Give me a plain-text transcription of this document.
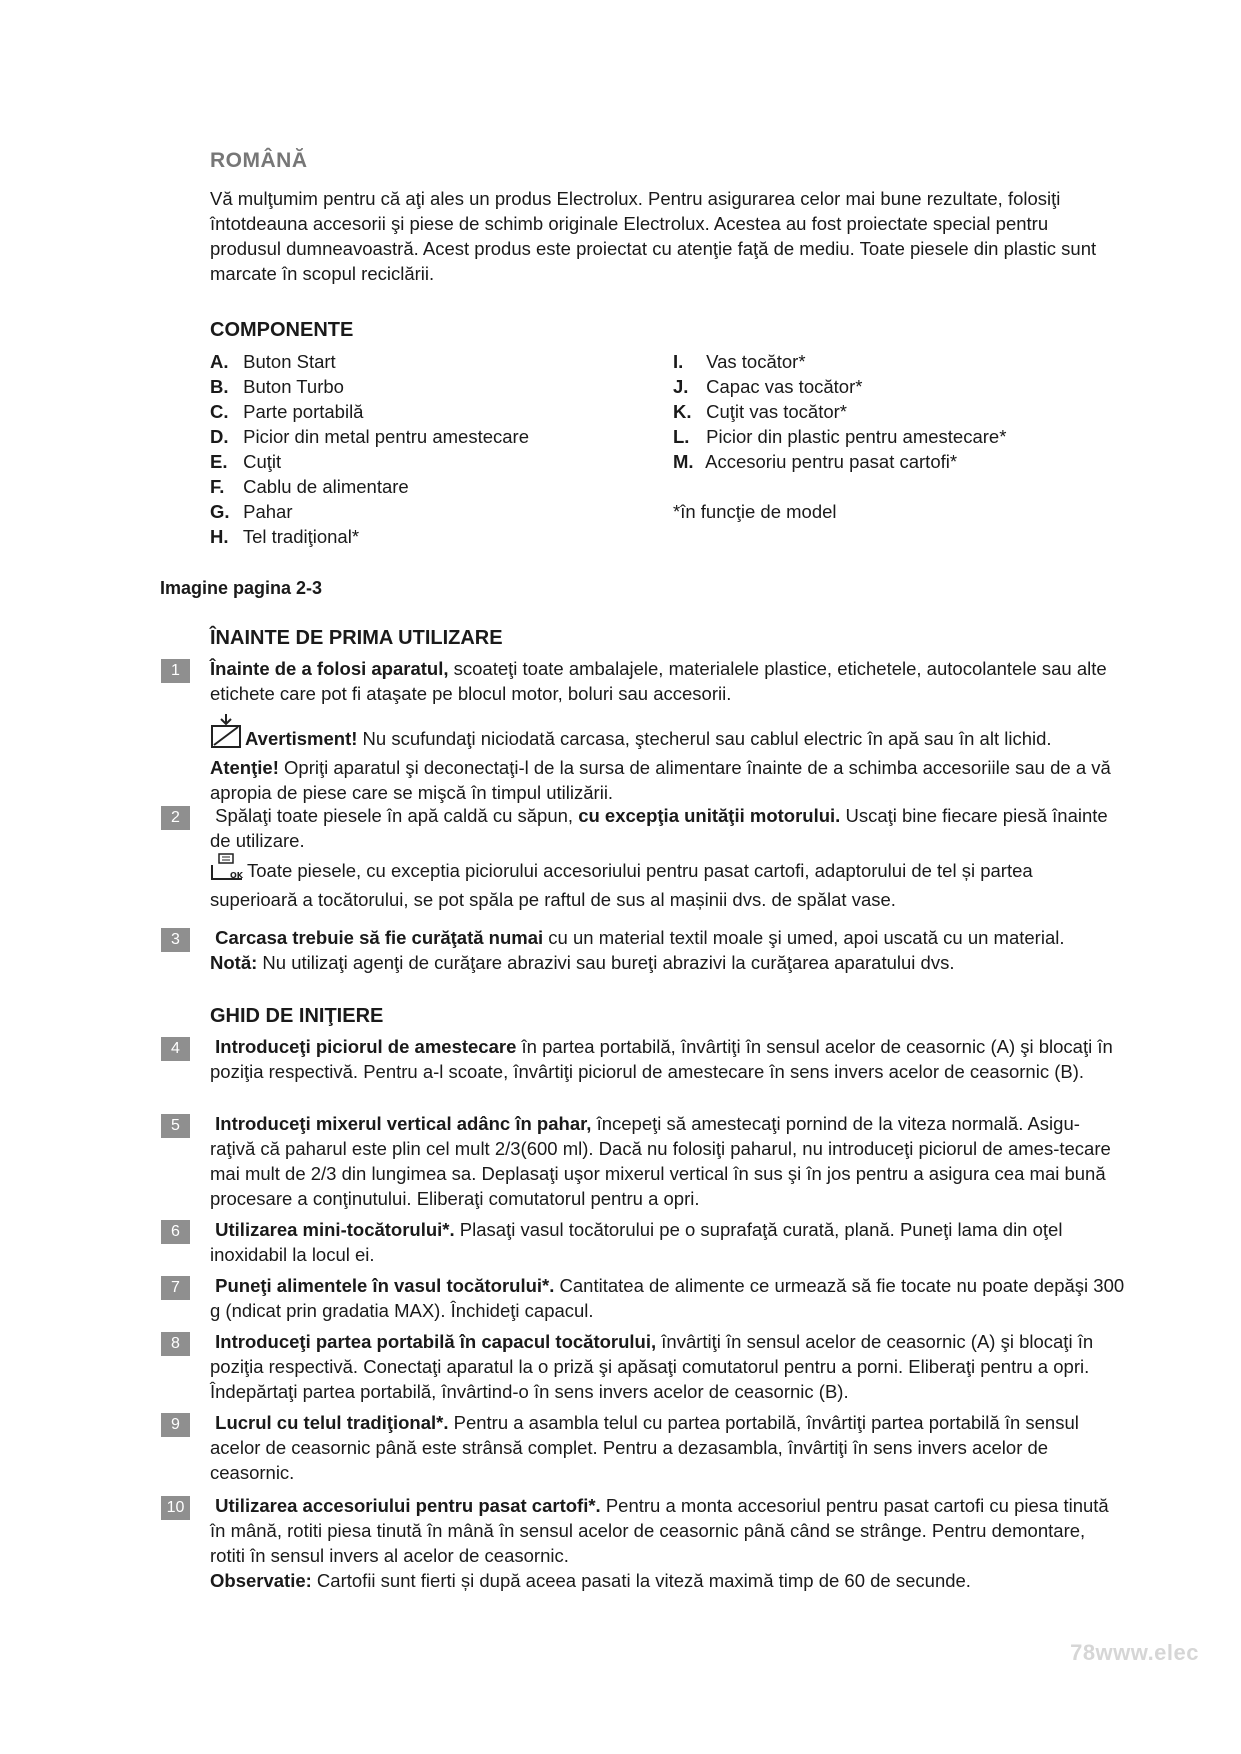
ROMÂNĂ
Vă mulţumim pentru că aţi ales un produs Electrolux. Pentru asigurarea celor mai bune rezultate, folosiţi întotdeauna accesorii şi piese de schimb originale Electrolux. Acestea au fost proiectate special pentru produsul dumneavoastră. Acest produs este proiectat cu atenţie faţă de mediu. Toate piesele din plastic sunt marcate în scopul reciclării.
COMPONENTE
A. Buton Start
B. Buton Turbo
C. Parte portabilă
D. Picior din metal pentru amestecare
E. Cuţit
F. Cablu de alimentare
G. Pahar
H. Tel tradiţional*
I. Vas tocător*
J. Capac vas tocător*
K. Cuţit vas tocător*
L. Picior din plastic pentru amestecare*
M. Accesoriu pentru pasat cartofi*
*în funcţie de model
Imagine pagina 2-3
ÎNAINTE DE PRIMA UTILIZARE
1	Înainte de a folosi aparatul, scoateţi toate ambalajele, materialele plastice, etichetele, autocolantele sau alte etichete care pot fi ataşate pe blocul motor, boluri sau accesorii.
Avertisment! Nu scufundaţi niciodată carcasa, ştecherul sau cablul electric în apă sau în alt lichid.
Atenţie! Opriţi aparatul şi deconectaţi-l de la sursa de alimentare înainte de a schimba accesoriile sau de a vă apropia de piese care se mişcă în timpul utilizării.
2	Spălaţi toate piesele în apă caldă cu săpun, cu excepţia unităţii motorului. Uscaţi bine fiecare piesă înainte de utilizare.
OK Toate piesele, cu exceptia piciorului accesoriului pentru pasat cartofi, adaptorului de tel și partea superioară a tocătorului, se pot spăla pe raftul de sus al mașinii dvs. de spălat vase.
3	Carcasa trebuie să fie curăţată numai cu un material textil moale şi umed, apoi uscată cu un material.
Notă: Nu utilizaţi agenţi de curăţare abrazivi sau bureţi abrazivi la curăţarea aparatului dvs.
GHID DE INIŢIERE
4	Introduceţi piciorul de amestecare în partea portabilă, învârtiţi în sensul acelor de ceasornic (A) şi blocaţi în poziţia respectivă. Pentru a-l scoate, învârtiţi piciorul de amestecare în sens invers acelor de ceasornic (B).
5	Introduceţi mixerul vertical adânc în pahar, începeţi să amestecaţi pornind de la viteza normală. Asigu-raţivă că paharul este plin cel mult 2/3(600 ml). Dacă nu folosiţi paharul, nu introduceţi piciorul de ames-tecare mai mult de 2/3 din lungimea sa. Deplasaţi uşor mixerul vertical în sus şi în jos pentru a asigura cea mai bună procesare a conţinutului. Eliberaţi comutatorul pentru a opri.
6	Utilizarea mini-tocătorului*. Plasaţi vasul tocătorului pe o suprafaţă curată, plană. Puneţi lama din oţel inoxidabil la locul ei.
7	Puneţi alimentele în vasul tocătorului*. Cantitatea de alimente ce urmează să fie tocate nu poate depăşi 300 g (ndicat prin gradatia MAX). Închideţi capacul.
8	Introduceţi partea portabilă în capacul tocătorului, învârtiţi în sensul acelor de ceasornic (A) şi blocaţi în poziţia respectivă. Conectaţi aparatul la o priză şi apăsaţi comutatorul pentru a porni. Eliberaţi pentru a opri. Îndepărtaţi partea portabilă, învârtind-o în sens invers acelor de ceasornic (B).
9	Lucrul cu telul tradiţional*. Pentru a asambla telul cu partea portabilă, învârtiţi partea portabilă în sensul acelor de ceasornic până este strânsă complet. Pentru a dezasambla, învârtiţi în sens invers acelor de ceasornic.
10	Utilizarea accesoriului pentru pasat cartofi*. Pentru a monta accesoriul pentru pasat cartofi cu piesa tinută în mână, rotiti piesa tinută în mână în sensul acelor de ceasornic până când se strânge. Pentru demontare, rotiti în sensul invers al acelor de ceasornic.
Observatie: Cartofii sunt fierti și după aceea pasati la viteză maximă timp de 60 de secunde.
78www.elec
